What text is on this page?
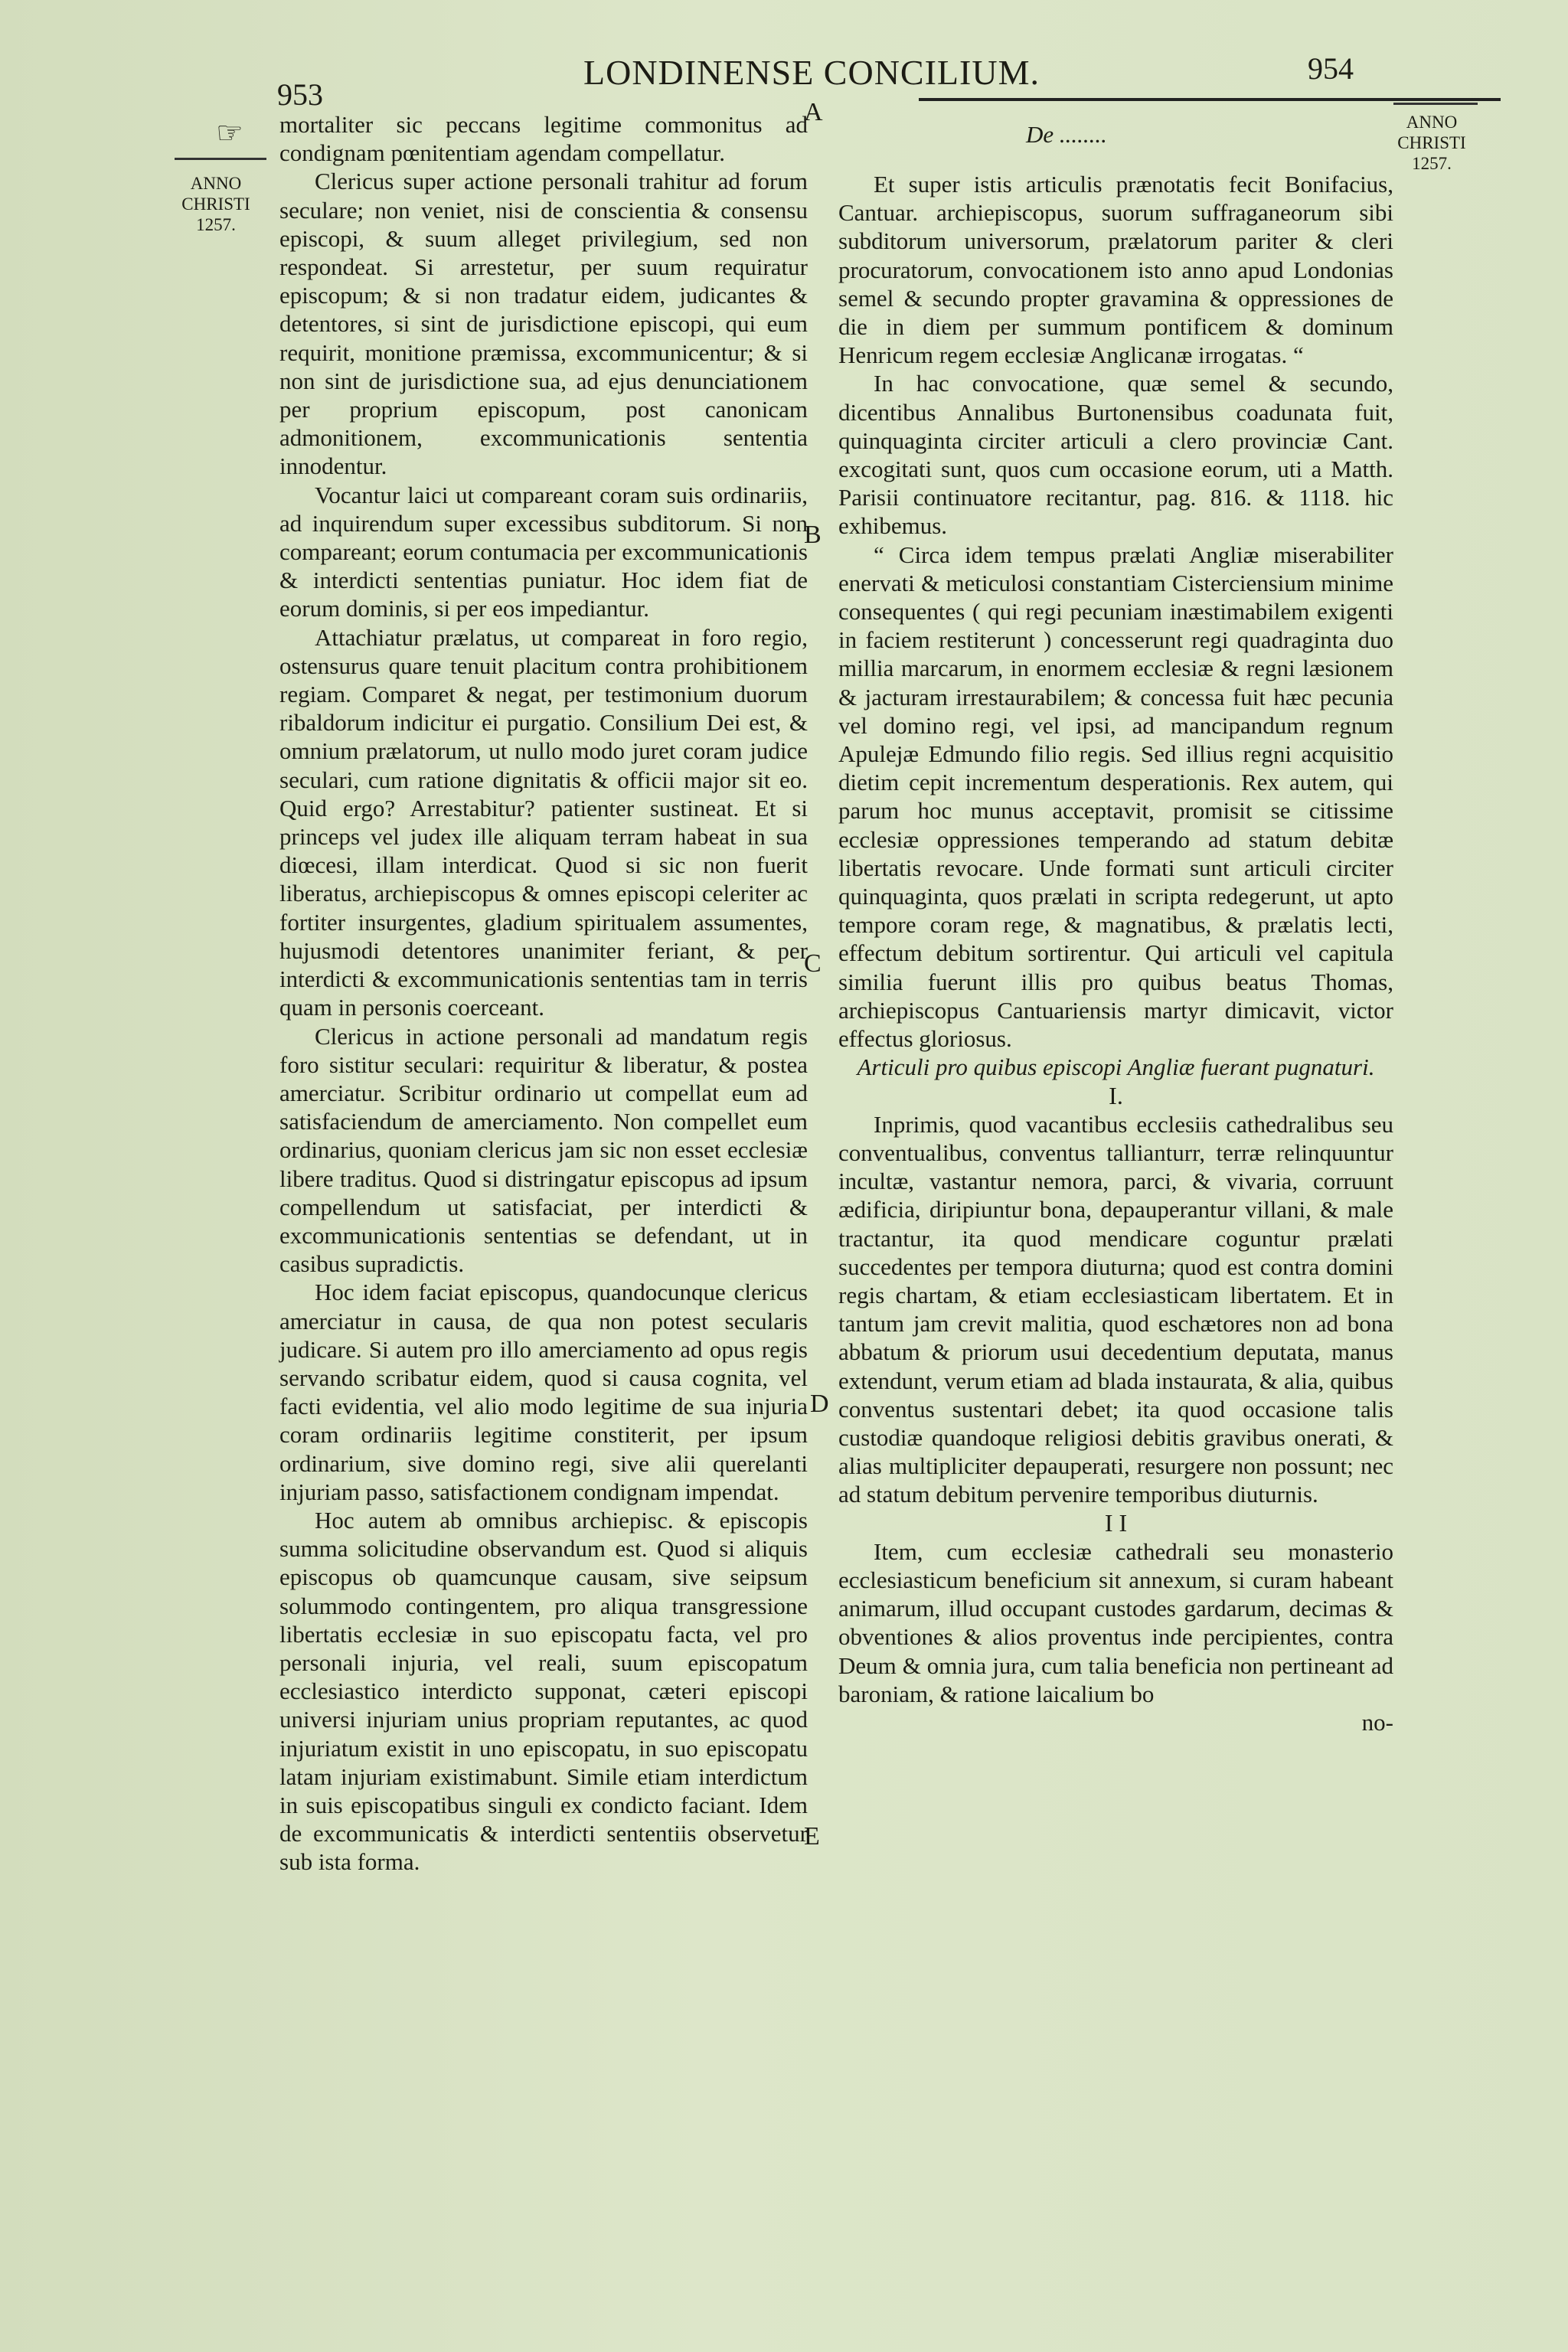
953
LONDINENSE CONCILIUM.	954
☞
ANNO
CHRISTI
1257.
ANNO
CHRISTI
1257.
A
B
C
D
E

mortaliter sic peccans legitime commonitus ad condignam pœnitentiam agendam compellatur.

Clericus super actione personali trahitur ad forum seculare; non veniet, nisi de conscientia & consensu episcopi, & suum alleget privilegium, sed non respondeat. Si arrestetur, per suum requiratur episcopum; & si non tradatur eidem, judicantes & detentores, si sint de jurisdictione episcopi, qui eum requirit, monitione præmissa, excommunicentur; & si non sint de jurisdictione sua, ad ejus denunciationem per proprium episcopum, post canonicam admonitionem, excommunicationis sententia innodentur.

Vocantur laici ut compareant coram suis ordinariis, ad inquirendum super excessibus subditorum. Si non compareant; eorum contumacia per excommunicationis & interdicti sententias puniatur. Hoc idem fiat de eorum dominis, si per eos impediantur.

Attachiatur prælatus, ut compareat in foro regio, ostensurus quare tenuit placitum contra prohibitionem regiam. Comparet & negat, per testimonium duorum ribaldorum indicitur ei purgatio. Consilium Dei est, & omnium prælatorum, ut nullo modo juret coram judice seculari, cum ratione dignitatis & officii major sit eo. Quid ergo? Arrestabitur? patienter sustineat. Et si princeps vel judex ille aliquam terram habeat in sua diœcesi, illam interdicat. Quod si sic non fuerit liberatus, archiepiscopus & omnes episcopi celeriter ac fortiter insurgentes, gladium spiritualem assumentes, hujusmodi detentores unanimiter feriant, & per interdicti & excommunicationis sententias tam in terris quam in personis coerceant.

Clericus in actione personali ad mandatum regis foro sistitur seculari: requiritur & liberatur, & postea amerciatur. Scribitur ordinario ut compellat eum ad satisfaciendum de amerciamento. Non compellet eum ordinarius, quoniam clericus jam sic non esset ecclesiæ libere traditus. Quod si distringatur episcopus ad ipsum compellendum ut satisfaciat, per interdicti & excommunicationis sententias se defendant, ut in casibus supradictis.

Hoc idem faciat episcopus, quandocunque clericus amerciatur in causa, de qua non potest secularis judicare. Si autem pro illo amerciamento ad opus regis servando scribatur eidem, quod si causa cognita, vel facti evidentia, vel alio modo legitime de sua injuria coram ordinariis legitime constiterit, per ipsum ordinarium, sive domino regi, sive alii querelanti injuriam passo, satisfactionem condignam impendat.

Hoc autem ab omnibus archiepisc. & episcopis summa solicitudine observandum est. Quod si aliquis episcopus ob quamcunque causam, sive seipsum solummodo contingentem, pro aliqua transgressione libertatis ecclesiæ in suo episcopatu facta, vel pro personali injuria, vel reali, suum episcopatum ecclesiastico interdicto supponat, cæteri episcopi universi injuriam unius propriam reputantes, ac quod injuriatum existit in uno episcopatu, in suo episcopatu latam injuriam existimabunt. Simile etiam interdictum in suis episcopatibus singuli ex condicto faciant. Idem de excommunicatis & interdicti sententiis observetur sub ista forma.

De ........

Et super istis articulis prænotatis fecit Bonifacius, Cantuar. archiepiscopus, suorum suffraganeorum sibi subditorum universorum, prælatorum pariter & cleri procuratorum, convocationem isto anno apud Londonias semel & secundo propter gravamina & oppressiones de die in diem per summum pontificem & dominum Henricum regem ecclesiæ Anglicanæ irrogatas. “

In hac convocatione, quæ semel & secundo, dicentibus Annalibus Burtonensibus coadunata fuit, quinquaginta circiter articuli a clero provinciæ Cant. excogitati sunt, quos cum occasione eorum, uti a Matth. Parisii continuatore recitantur, pag. 816. & 1118. hic exhibemus.

“ Circa idem tempus prælati Angliæ miserabiliter enervati & meticulosi constantiam Cisterciensium minime consequentes ( qui regi pecuniam inæstimabilem exigenti in faciem restiterunt ) concesserunt regi quadraginta duo millia marcarum, in enormem ecclesiæ & regni læsionem & jacturam irrestaurabilem; & concessa fuit hæc pecunia vel domino regi, vel ipsi, ad mancipandum regnum Apulejæ Edmundo filio regis. Sed illius regni acquisitio dietim cepit incrementum desperationis. Rex autem, qui parum hoc munus acceptavit, promisit se citissime ecclesiæ oppressiones temperando ad statum debitæ libertatis revocare. Unde formati sunt articuli circiter quinquaginta, quos prælati in scripta redegerunt, ut apto tempore coram rege, & magnatibus, & prælatis lecti, effectum debitum sortirentur. Qui articuli vel capitula similia fuerunt illis pro quibus beatus Thomas, archiepiscopus Cantuariensis martyr dimicavit, victor effectus gloriosus.

Articuli pro quibus episcopi Angliæ fuerant pugnaturi.

I.

Inprimis, quod vacantibus ecclesiis cathedralibus seu conventualibus, conventus tallianturr, terræ relinquuntur incultæ, vastantur nemora, parci, & vivaria, corruunt ædificia, diripiuntur bona, depauperantur villani, & male tractantur, ita quod mendicare coguntur prælati succedentes per tempora diuturna; quod est contra domini regis chartam, & etiam ecclesiasticam libertatem. Et in tantum jam crevit malitia, quod eschætores non ad bona abbatum & priorum usui decedentium deputata, manus extendunt, verum etiam ad blada instaurata, & alia, quibus conventus sustentari debet; ita quod occasione talis custodiæ quandoque religiosi debitis gravibus onerati, & alias multipliciter depauperati, resurgere non possunt; nec ad statum debitum pervenire temporibus diuturnis.

I I

Item, cum ecclesiæ cathedrali seu monasterio ecclesiasticum beneficium sit annexum, si curam habeant animarum, illud occupant custodes gardarum, decimas & obventiones & alios proventus inde percipientes, contra Deum & omnia jura, cum talia beneficia non pertineant ad baroniam, & ratione laicalium bo

no-
